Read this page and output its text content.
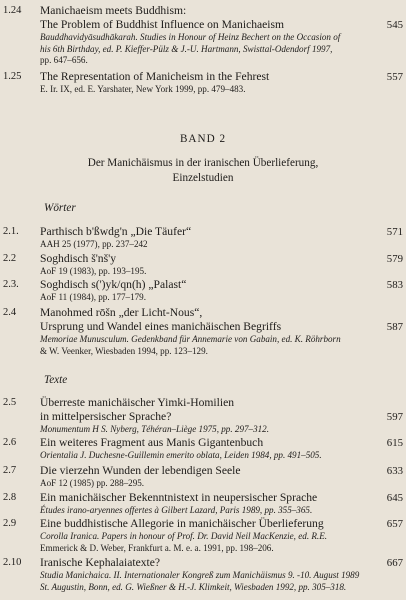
1.24 Manichaeism meets Buddhism:
The Problem of Buddhist Influence on Manichaeism
Bauddhavidyāsudhākarah. Studies in Honour of Heinz Bechert on the Occasion of
his 6th Birthday, ed. P. Kieffer-Pülz & J.-U. Hartmann, Swisttal-Odendorf 1997,
pp. 647–656.
545
1.25 The Representation of Manicheism in the Fehrest
E. Ir. IX, ed. E. Yarshater, New York 1999, pp. 479–483.
557
BAND 2
Der Manichäismus in der iranischen Überlieferung,
Einzelstudien
Wörter
2.1. Parthisch b'ßwdg'n „Die Täufer“
AAH 25 (1977), pp. 237–242
571
2.2 Soghdisch š'nš'y
AoF 19 (1983), pp. 193–195.
579
2.3. Soghdisch s(')yk/qn(h) „Palast“
AoF 11 (1984), pp. 177–179.
583
2.4 Manohmed rōšn „der Licht-Nous“,
Ursprung und Wandel eines manichäischen Begriffs
Memoriae Munusculum. Gedenkband für Annemarie von Gabain, ed. K. Röhrborn
& W. Veenker, Wiesbaden 1994, pp. 123–129.
587
Texte
2.5 Überreste manichäischer Yimki-Homilien
in mittelpersischer Sprache?
Monumentum H S. Nyberg, Téhéran–Liège 1975, pp. 297–312.
597
2.6 Ein weiteres Fragment aus Manis Gigantenbuch
Orientalia J. Duchesne-Guillemin emerito oblata, Leiden 1984, pp. 491–505.
615
2.7 Die vierzehn Wunden der lebendigen Seele
AoF 12 (1985) pp. 288–295.
633
2.8 Ein manichäischer Bekenntnistext in neupersischer Sprache
Études irano-aryennes offertes à Gilbert Lazard, Paris 1989, pp. 355–365.
645
2.9 Eine buddhistische Allegorie in manichäischer Überlieferung
Corolla Iranica. Papers in honour of Prof. Dr. David Neil MacKenzie, ed. R.E.
Emmerick & D. Weber, Frankfurt a. M. e. a. 1991, pp. 198–206.
657
2.10 Iranische Kephalaiatexte?
Studia Manichaica. II. Internationaler Kongreß zum Manichäismus 9. -10. August 1989
St. Augustin, Bonn, ed. G. Wießner & H.-J. Klimkeit, Wiesbaden 1992, pp. 305–318.
667
